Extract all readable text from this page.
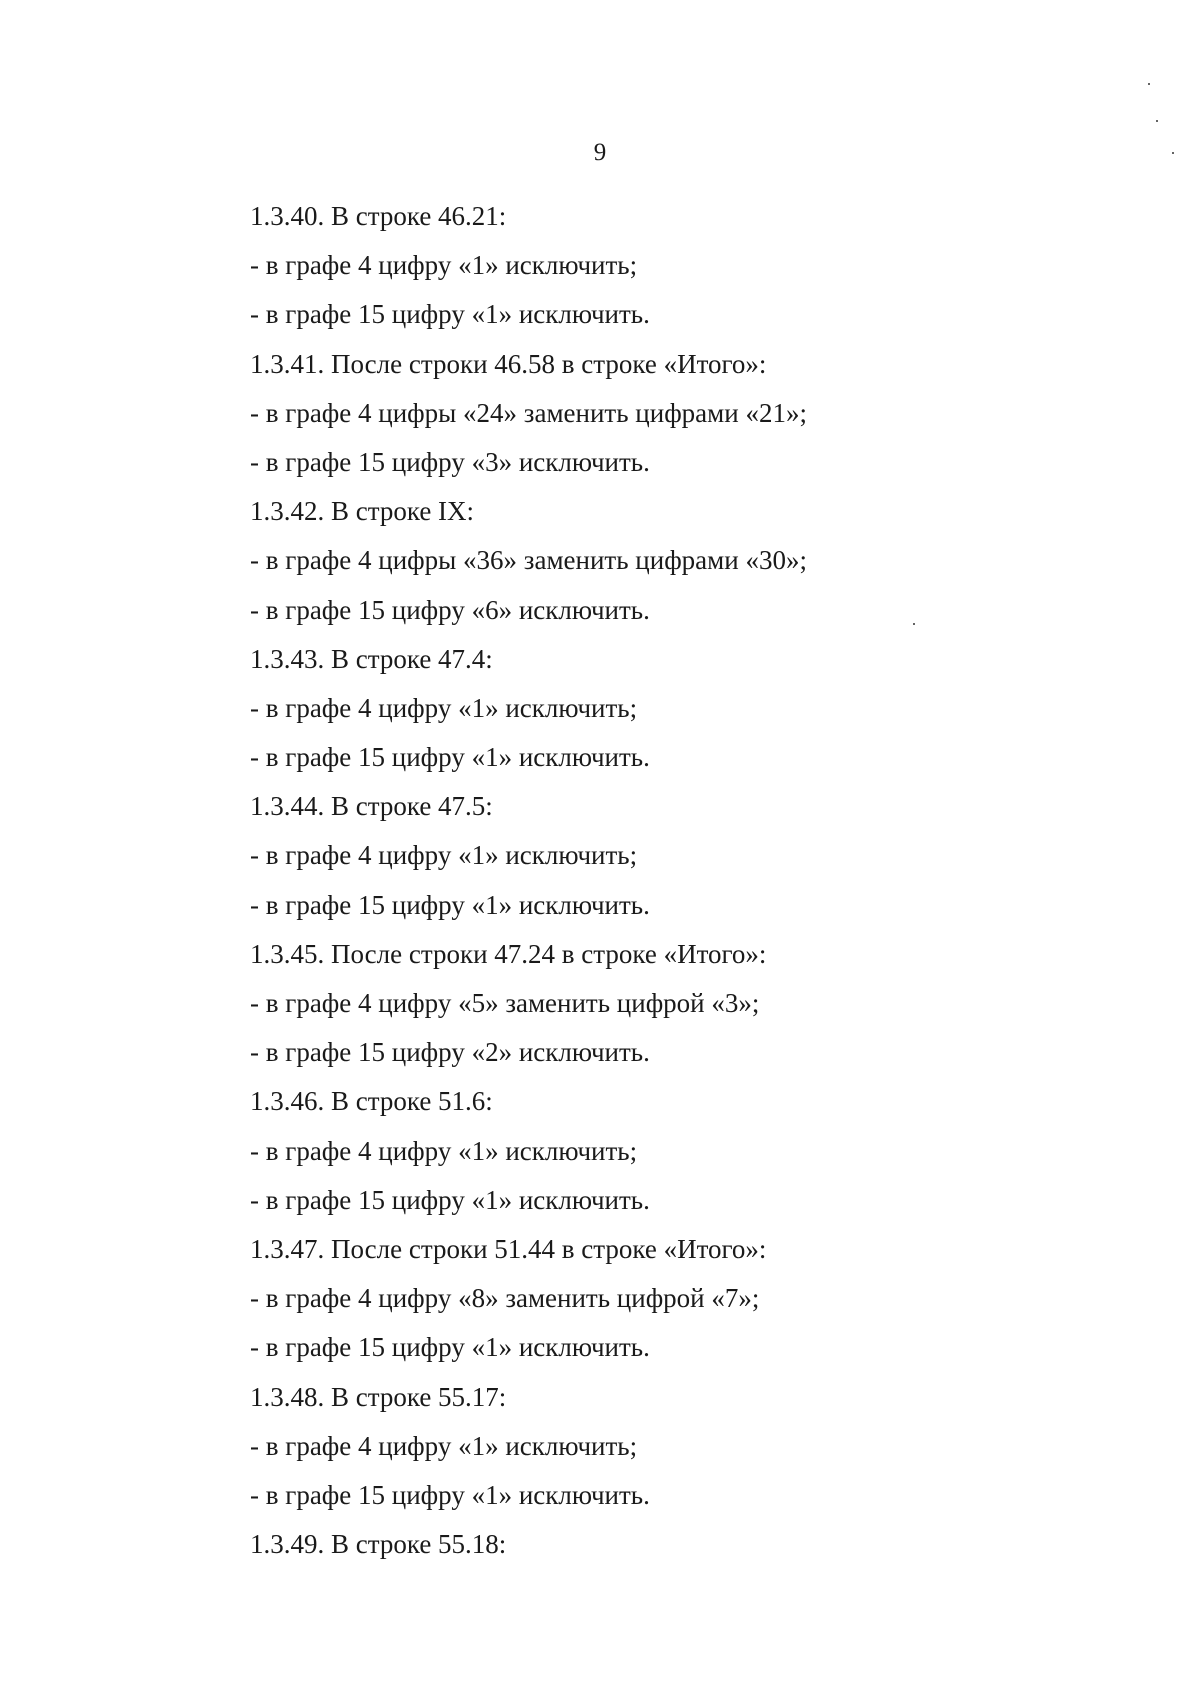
9
1.3.40. В строке 46.21:
- в графе 4 цифру «1» исключить;
- в графе 15 цифру «1» исключить.
1.3.41. После строки 46.58 в строке «Итого»:
- в графе 4 цифры «24» заменить цифрами «21»;
- в графе 15 цифру «3» исключить.
1.3.42. В строке IX:
- в графе 4 цифры «36» заменить цифрами «30»;
- в графе 15 цифру «6» исключить.
1.3.43. В строке 47.4:
- в графе 4 цифру «1» исключить;
- в графе 15 цифру «1» исключить.
1.3.44. В строке 47.5:
- в графе 4 цифру «1» исключить;
- в графе 15 цифру «1» исключить.
1.3.45. После строки 47.24 в строке «Итого»:
- в графе 4 цифру «5» заменить цифрой «3»;
- в графе 15 цифру «2» исключить.
1.3.46. В строке 51.6:
- в графе 4 цифру «1» исключить;
- в графе 15 цифру «1» исключить.
1.3.47. После строки 51.44 в строке «Итого»:
- в графе 4 цифру «8» заменить цифрой «7»;
- в графе 15 цифру «1» исключить.
1.3.48. В строке 55.17:
- в графе 4 цифру «1» исключить;
- в графе 15 цифру «1» исключить.
1.3.49. В строке 55.18:
